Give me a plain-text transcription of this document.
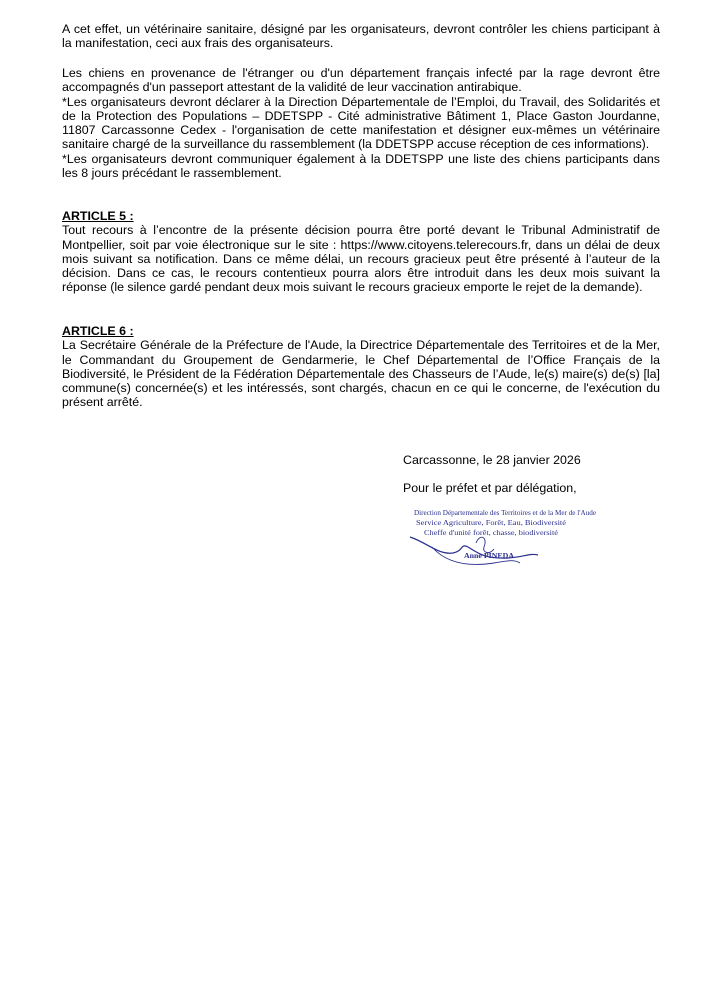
A cet effet, un vétérinaire sanitaire, désigné par les organisateurs, devront contrôler les chiens participant à la manifestation, ceci aux frais des organisateurs.

Les chiens en provenance de l'étranger ou d'un département français infecté par la rage devront être accompagnés d'un passeport attestant de la validité de leur vaccination antirabique.

*Les organisateurs devront déclarer à la Direction Départementale de l’Emploi, du Travail, des Solidarités et de la Protection des Populations – DDETSPP - Cité administrative Bâtiment 1, Place Gaston Jourdanne, 11807 Carcassonne Cedex - l'organisation de cette manifestation et désigner eux-mêmes un vétérinaire sanitaire chargé de la surveillance du rassemblement (la DDETSPP accuse réception de ces informations).

*Les organisateurs devront communiquer également à la DDETSPP une liste des chiens participants dans les 8 jours précédant le rassemblement.

ARTICLE 5 :

Tout recours à l’encontre de la présente décision pourra être porté devant le Tribunal Administratif de Montpellier, soit par voie électronique sur le site : https://www.citoyens.telerecours.fr, dans un délai de deux mois suivant sa notification. Dans ce même délai, un recours gracieux peut être présenté à l’auteur de la décision. Dans ce cas, le recours contentieux pourra alors être introduit dans les deux mois suivant la réponse (le silence gardé pendant deux mois suivant le recours gracieux emporte le rejet de la demande).

ARTICLE 6 :

La Secrétaire Générale de la Préfecture de l'Aude, la Directrice Départementale des Territoires et de la Mer, le Commandant du Groupement de Gendarmerie, le Chef Départemental de l’Office Français de la Biodiversité, le Président de la Fédération Départementale des Chasseurs de l’Aude, le(s) maire(s) de(s) [la] commune(s) concernée(s) et les intéressés, sont chargés, chacun en ce qui le concerne, de l'exécution du présent arrêté.

Carcassonne, le 28 janvier 2026
Pour le préfet et par délégation,
Direction Départementale des Territoires et de la Mer de l'Aude
Service Agriculture, Forêt, Eau, Biodiversité
Cheffe d'unité forêt, chasse, biodiversité
Anne PINEDA
